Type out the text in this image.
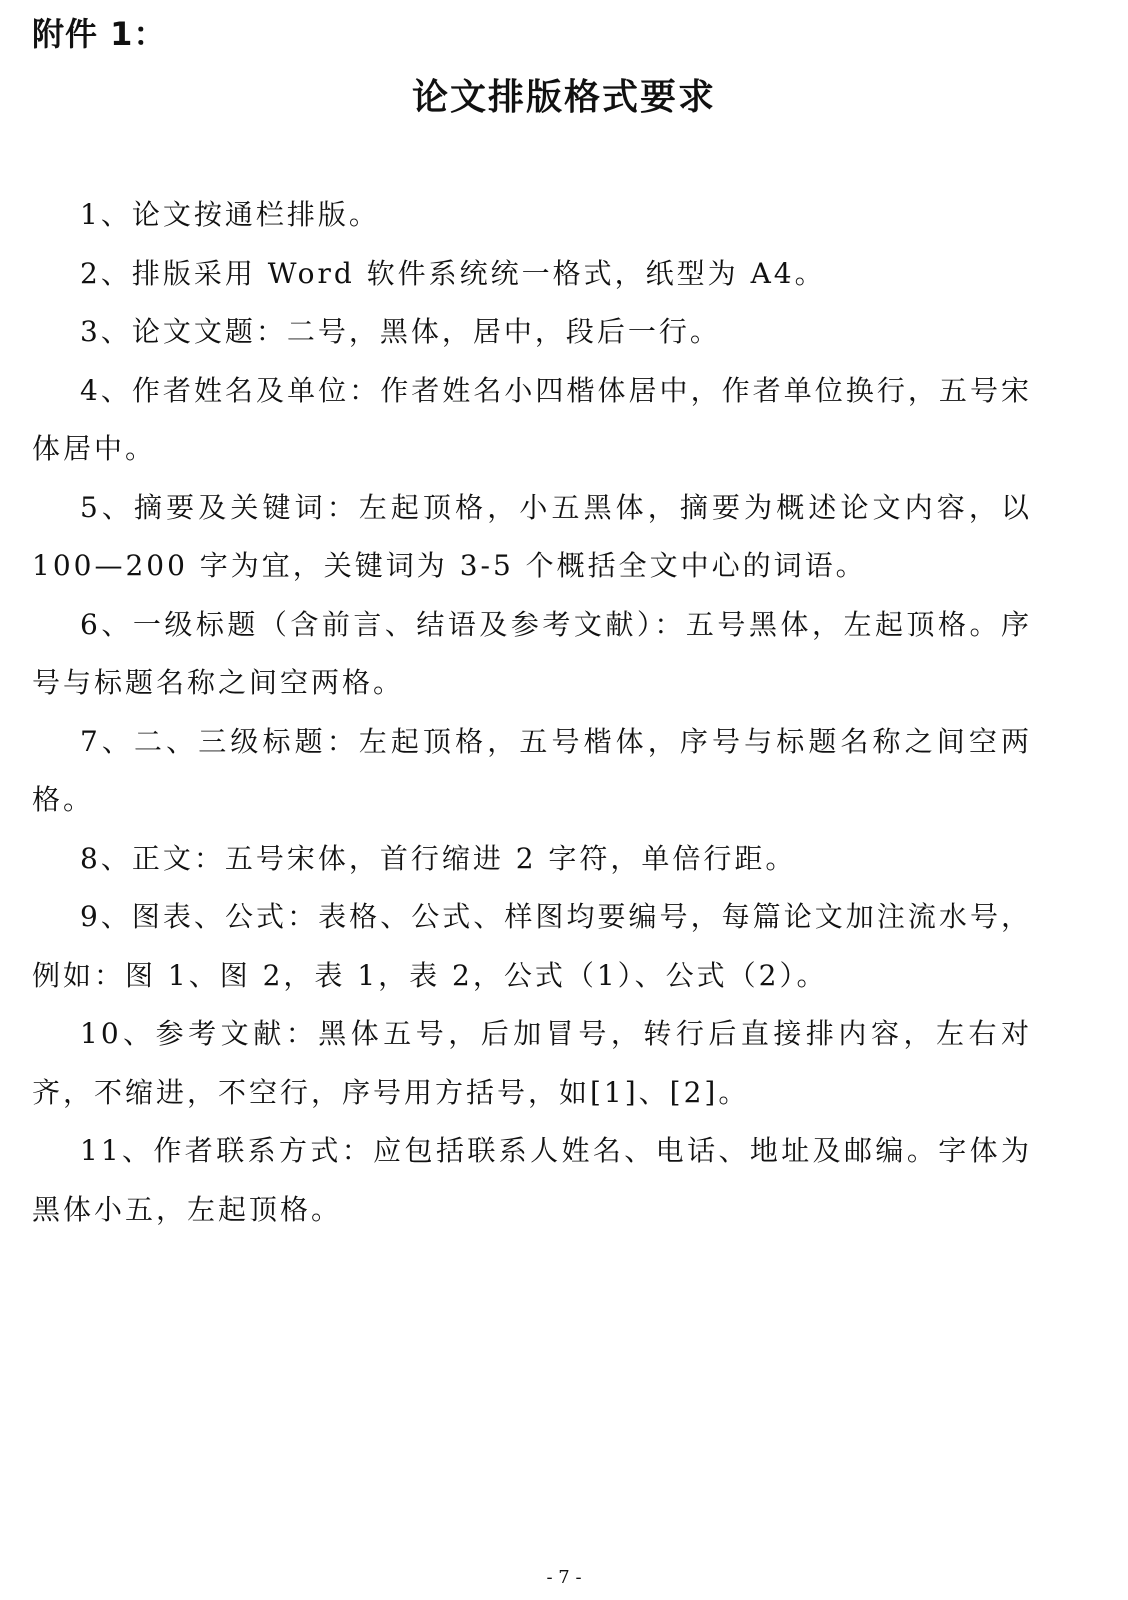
附件 1：
论文排版格式要求

1、论文按通栏排版。

2、排版采用 Word 软件系统统一格式，纸型为 A4。

3、论文文题：二号，黑体，居中，段后一行。

4、作者姓名及单位：作者姓名小四楷体居中，作者单位换行，五号宋体居中。

5、摘要及关键词：左起顶格，小五黑体，摘要为概述论文内容，以 100—200 字为宜，关键词为 3-5 个概括全文中心的词语。

6、一级标题（含前言、结语及参考文献）：五号黑体，左起顶格。序号与标题名称之间空两格。

7、二、三级标题：左起顶格，五号楷体，序号与标题名称之间空两格。

8、正文：五号宋体，首行缩进 2 字符，单倍行距。

9、图表、公式：表格、公式、样图均要编号，每篇论文加注流水号，例如：图 1、图 2，表 1，表 2，公式（1）、公式（2）。

10、参考文献：黑体五号，后加冒号，转行后直接排内容，左右对齐，不缩进，不空行，序号用方括号，如[1]、[2]。

11、作者联系方式：应包括联系人姓名、电话、地址及邮编。字体为黑体小五，左起顶格。

- 7 -
